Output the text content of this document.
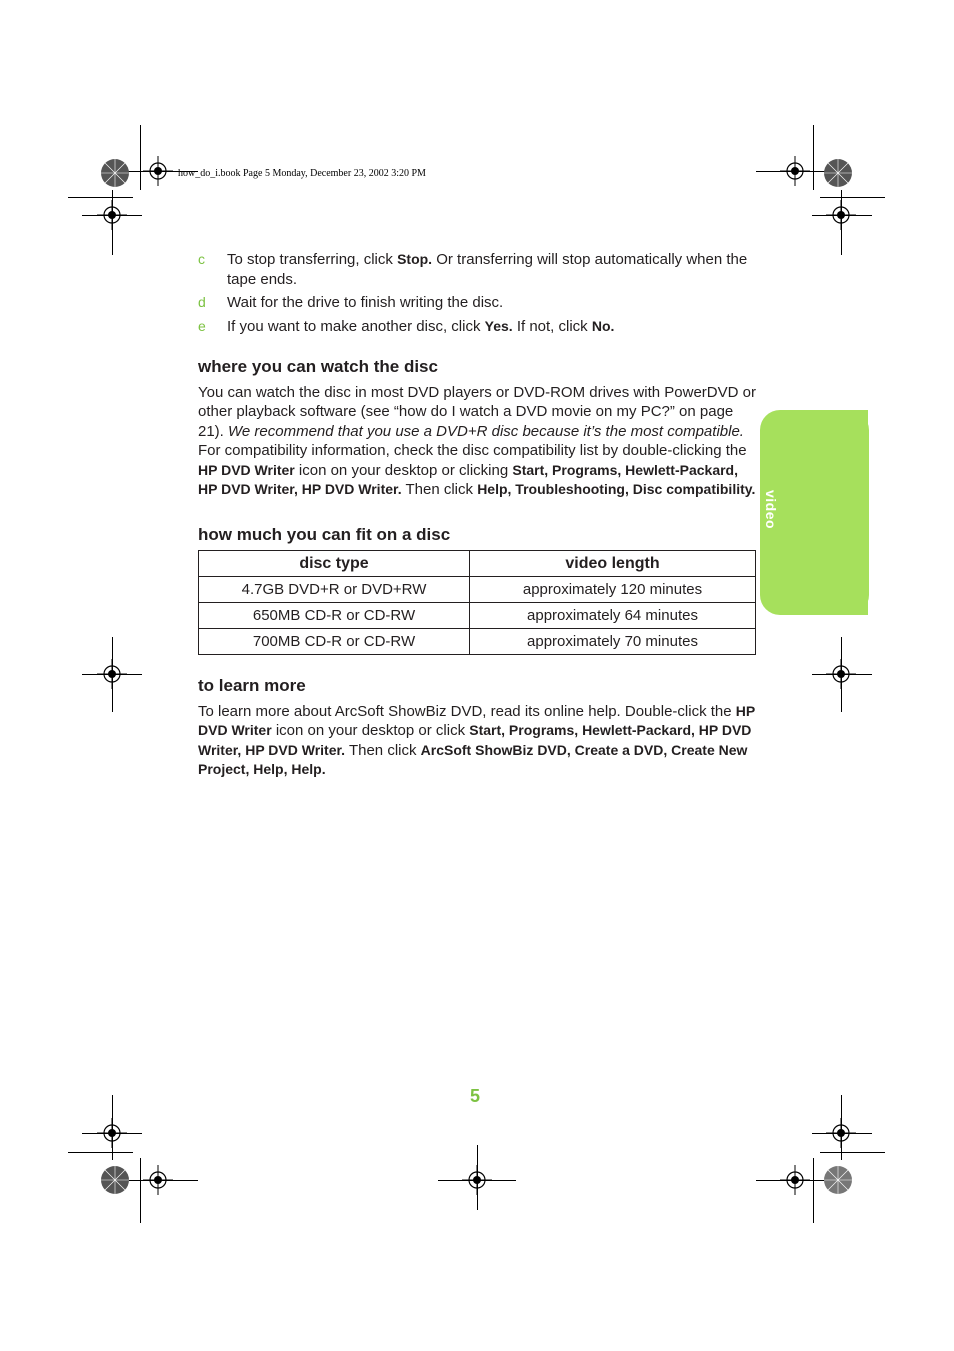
how_do_i.book Page 5 Monday, December 23, 2002 3:20 PM
video
c To stop transferring, click Stop. Or transferring will stop automatically when the tape ends.
d Wait for the drive to finish writing the disc.
e If you want to make another disc, click Yes. If not, click No.
where you can watch the disc

You can watch the disc in most DVD players or DVD-ROM drives with PowerDVD or other playback software (see “how do I watch a DVD movie on my PC?” on page 21). We recommend that you use a DVD+R disc because it’s the most compatible. For compatibility information, check the disc compatibility list by double-clicking the HP DVD Writer icon on your desktop or clicking Start, Programs, Hewlett-Packard, HP DVD Writer, HP DVD Writer. Then click Help, Troubleshooting, Disc compatibility.

how much you can fit on a disc
disc type	video length
4.7GB DVD+R or DVD+RW	approximately 120 minutes
650MB CD-R or CD-RW	approximately 64 minutes
700MB CD-R or CD-RW	approximately 70 minutes
to learn more

To learn more about ArcSoft ShowBiz DVD, read its online help. Double-click the HP DVD Writer icon on your desktop or click Start, Programs, Hewlett-Packard, HP DVD Writer, HP DVD Writer. Then click ArcSoft ShowBiz DVD, Create a DVD, Create New Project, Help, Help.

5
